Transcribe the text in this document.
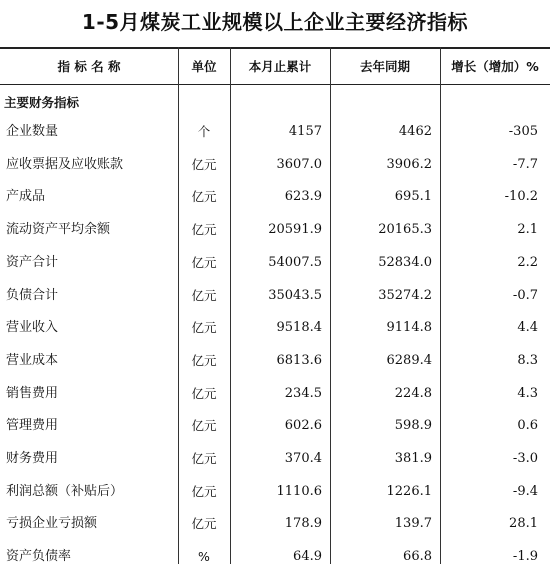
1-5月煤炭工业规模以上企业主要经济指标
指 标 名 称	单位	本月止累计	去年同期	增长（增加）%
主要财务指标
企业数量	个	4157	4462	-305
应收票据及应收账款	亿元	3607.0	3906.2	-7.7
产成品	亿元	623.9	695.1	-10.2
流动资产平均余额	亿元	20591.9	20165.3	2.1
资产合计	亿元	54007.5	52834.0	2.2
负债合计	亿元	35043.5	35274.2	-0.7
营业收入	亿元	9518.4	9114.8	4.4
营业成本	亿元	6813.6	6289.4	8.3
销售费用	亿元	234.5	224.8	4.3
管理费用	亿元	602.6	598.9	0.6
财务费用	亿元	370.4	381.9	-3.0
利润总额（补贴后）	亿元	1110.6	1226.1	-9.4
亏损企业亏损额	亿元	178.9	139.7	28.1
资产负债率	%	64.9	66.8	-1.9
